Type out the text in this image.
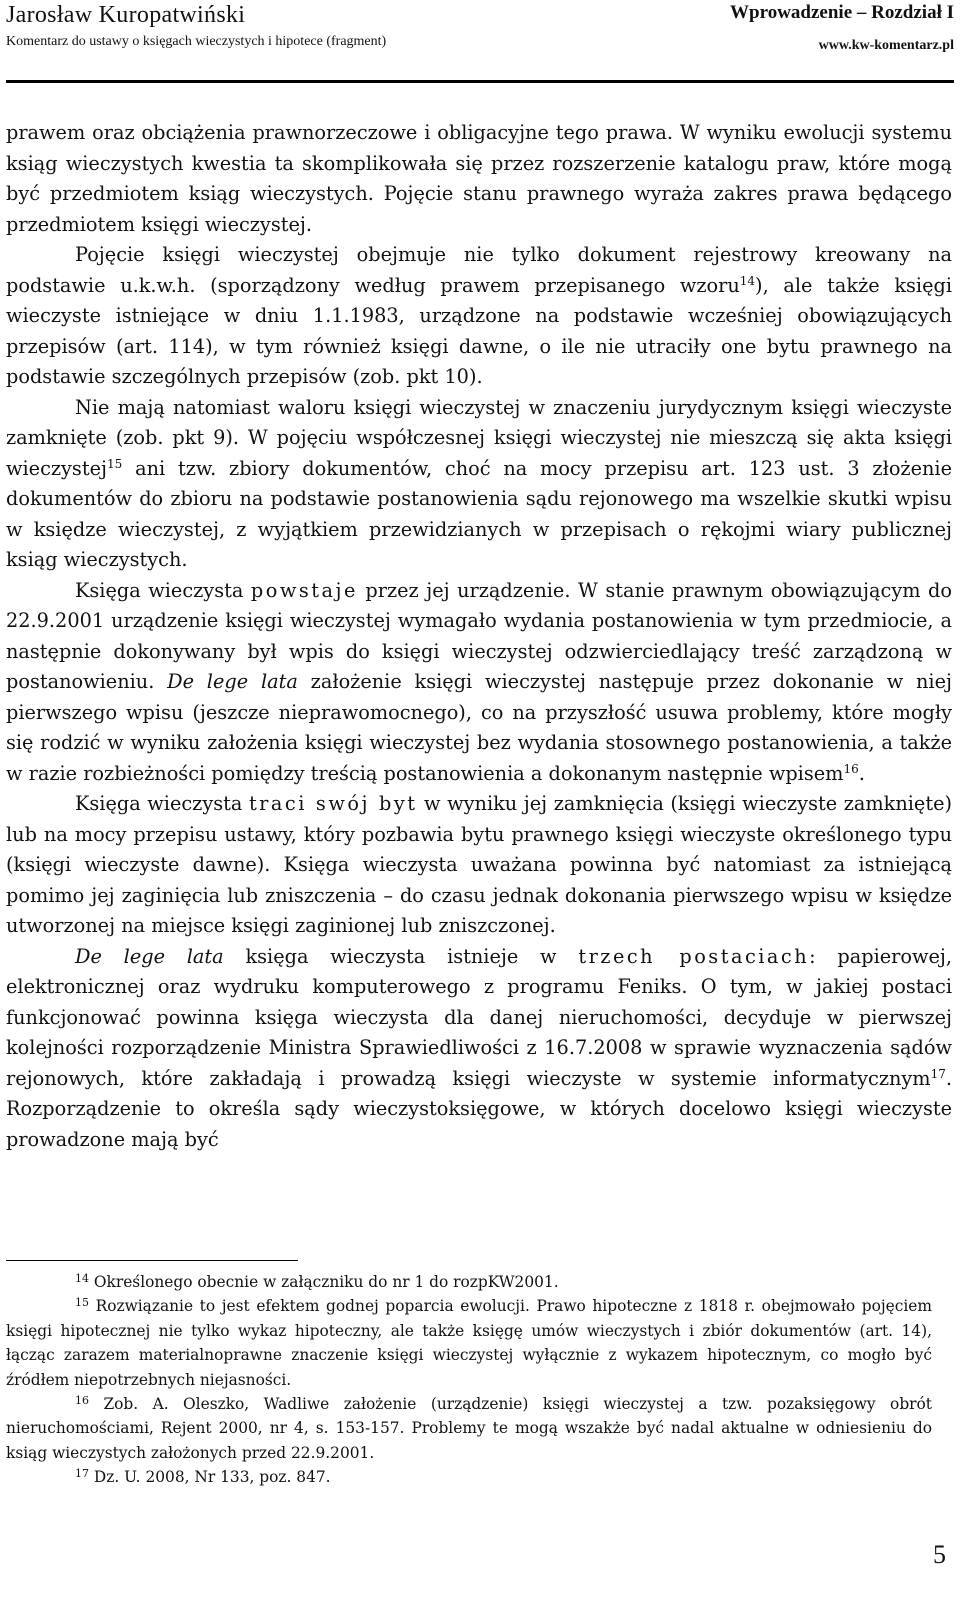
Jarosław Kuropatwiński
Komentarz do ustawy o księgach wieczystych i hipotece (fragment)
Wprowadzenie – Rozdział I
www.kw-komentarz.pl

prawem oraz obciążenia prawnorzeczowe i obligacyjne tego prawa. W wyniku ewolucji systemu ksiąg wieczystych kwestia ta skomplikowała się przez rozszerzenie katalogu praw, które mogą być przedmiotem ksiąg wieczystych. Pojęcie stanu prawnego wyraża zakres prawa będącego przedmiotem księgi wieczystej.

Pojęcie księgi wieczystej obejmuje nie tylko dokument rejestrowy kreowany na podstawie u.k.w.h. (sporządzony według prawem przepisanego wzoru$^{14}$), ale także księgi wieczyste istniejące w dniu 1.1.1983, urządzone na podstawie wcześniej obowiązujących przepisów (art. 114), w tym również księgi dawne, o ile nie utraciły one bytu prawnego na podstawie szczególnych przepisów (zob. pkt 10).

Nie mają natomiast waloru księgi wieczystej w znaczeniu jurydycznym księgi wieczyste zamknięte (zob. pkt 9). W pojęciu współczesnej księgi wieczystej nie mieszczą się akta księgi wieczystej$^{15}$ ani tzw. zbiory dokumentów, choć na mocy przepisu art. 123 ust. 3 złożenie dokumentów do zbioru na podstawie postanowienia sądu rejonowego ma wszelkie skutki wpisu w księdze wieczystej, z wyjątkiem przewidzianych w przepisach o rękojmi wiary publicznej ksiąg wieczystych.

Księga wieczysta powstaje przez jej urządzenie. W stanie prawnym obowiązującym do 22.9.2001 urządzenie księgi wieczystej wymagało wydania postanowienia w tym przedmiocie, a następnie dokonywany był wpis do księgi wieczystej odzwierciedlający treść zarządzoną w postanowieniu. De lege lata założenie księgi wieczystej następuje przez dokonanie w niej pierwszego wpisu (jeszcze nieprawomocnego), co na przyszłość usuwa problemy, które mogły się rodzić w wyniku założenia księgi wieczystej bez wydania stosownego postanowienia, a także w razie rozbieżności pomiędzy treścią postanowienia a dokonanym następnie wpisem$^{16}$.

Księga wieczysta traci swój byt w wyniku jej zamknięcia (księgi wieczyste zamknięte) lub na mocy przepisu ustawy, który pozbawia bytu prawnego księgi wieczyste określonego typu (księgi wieczyste dawne). Księga wieczysta uważana powinna być natomiast za istniejącą pomimo jej zaginięcia lub zniszczenia – do czasu jednak dokonania pierwszego wpisu w księdze utworzonej na miejsce księgi zaginionej lub zniszczonej.

De lege lata księga wieczysta istnieje w trzech postaciach: papierowej, elektronicznej oraz wydruku komputerowego z programu Feniks. O tym, w jakiej postaci funkcjonować powinna księga wieczysta dla danej nieruchomości, decyduje w pierwszej kolejności rozporządzenie Ministra Sprawiedliwości z 16.7.2008 w sprawie wyznaczenia sądów rejonowych, które zakładają i prowadzą księgi wieczyste w systemie informatycznym$^{17}$. Rozporządzenie to określa sądy wieczystoksięgowe, w których docelowo księgi wieczyste prowadzone mają być

$^{14}$ Określonego obecnie w załączniku do nr 1 do rozpKW2001.

$^{15}$ Rozwiązanie to jest efektem godnej poparcia ewolucji. Prawo hipoteczne z 1818 r. obejmowało pojęciem księgi hipotecznej nie tylko wykaz hipoteczny, ale także księgę umów wieczystych i zbiór dokumentów (art. 14), łącząc zarazem materialnoprawne znaczenie księgi wieczystej wyłącznie z wykazem hipotecznym, co mogło być źródłem niepotrzebnych niejasności.

$^{16}$ Zob. A. Oleszko, Wadliwe założenie (urządzenie) księgi wieczystej a tzw. pozaksięgowy obrót nieruchomościami, Rejent 2000, nr 4, s. 153-157. Problemy te mogą wszakże być nadal aktualne w odniesieniu do ksiąg wieczystych założonych przed 22.9.2001.

$^{17}$ Dz. U. 2008, Nr 133, poz. 847.

5
